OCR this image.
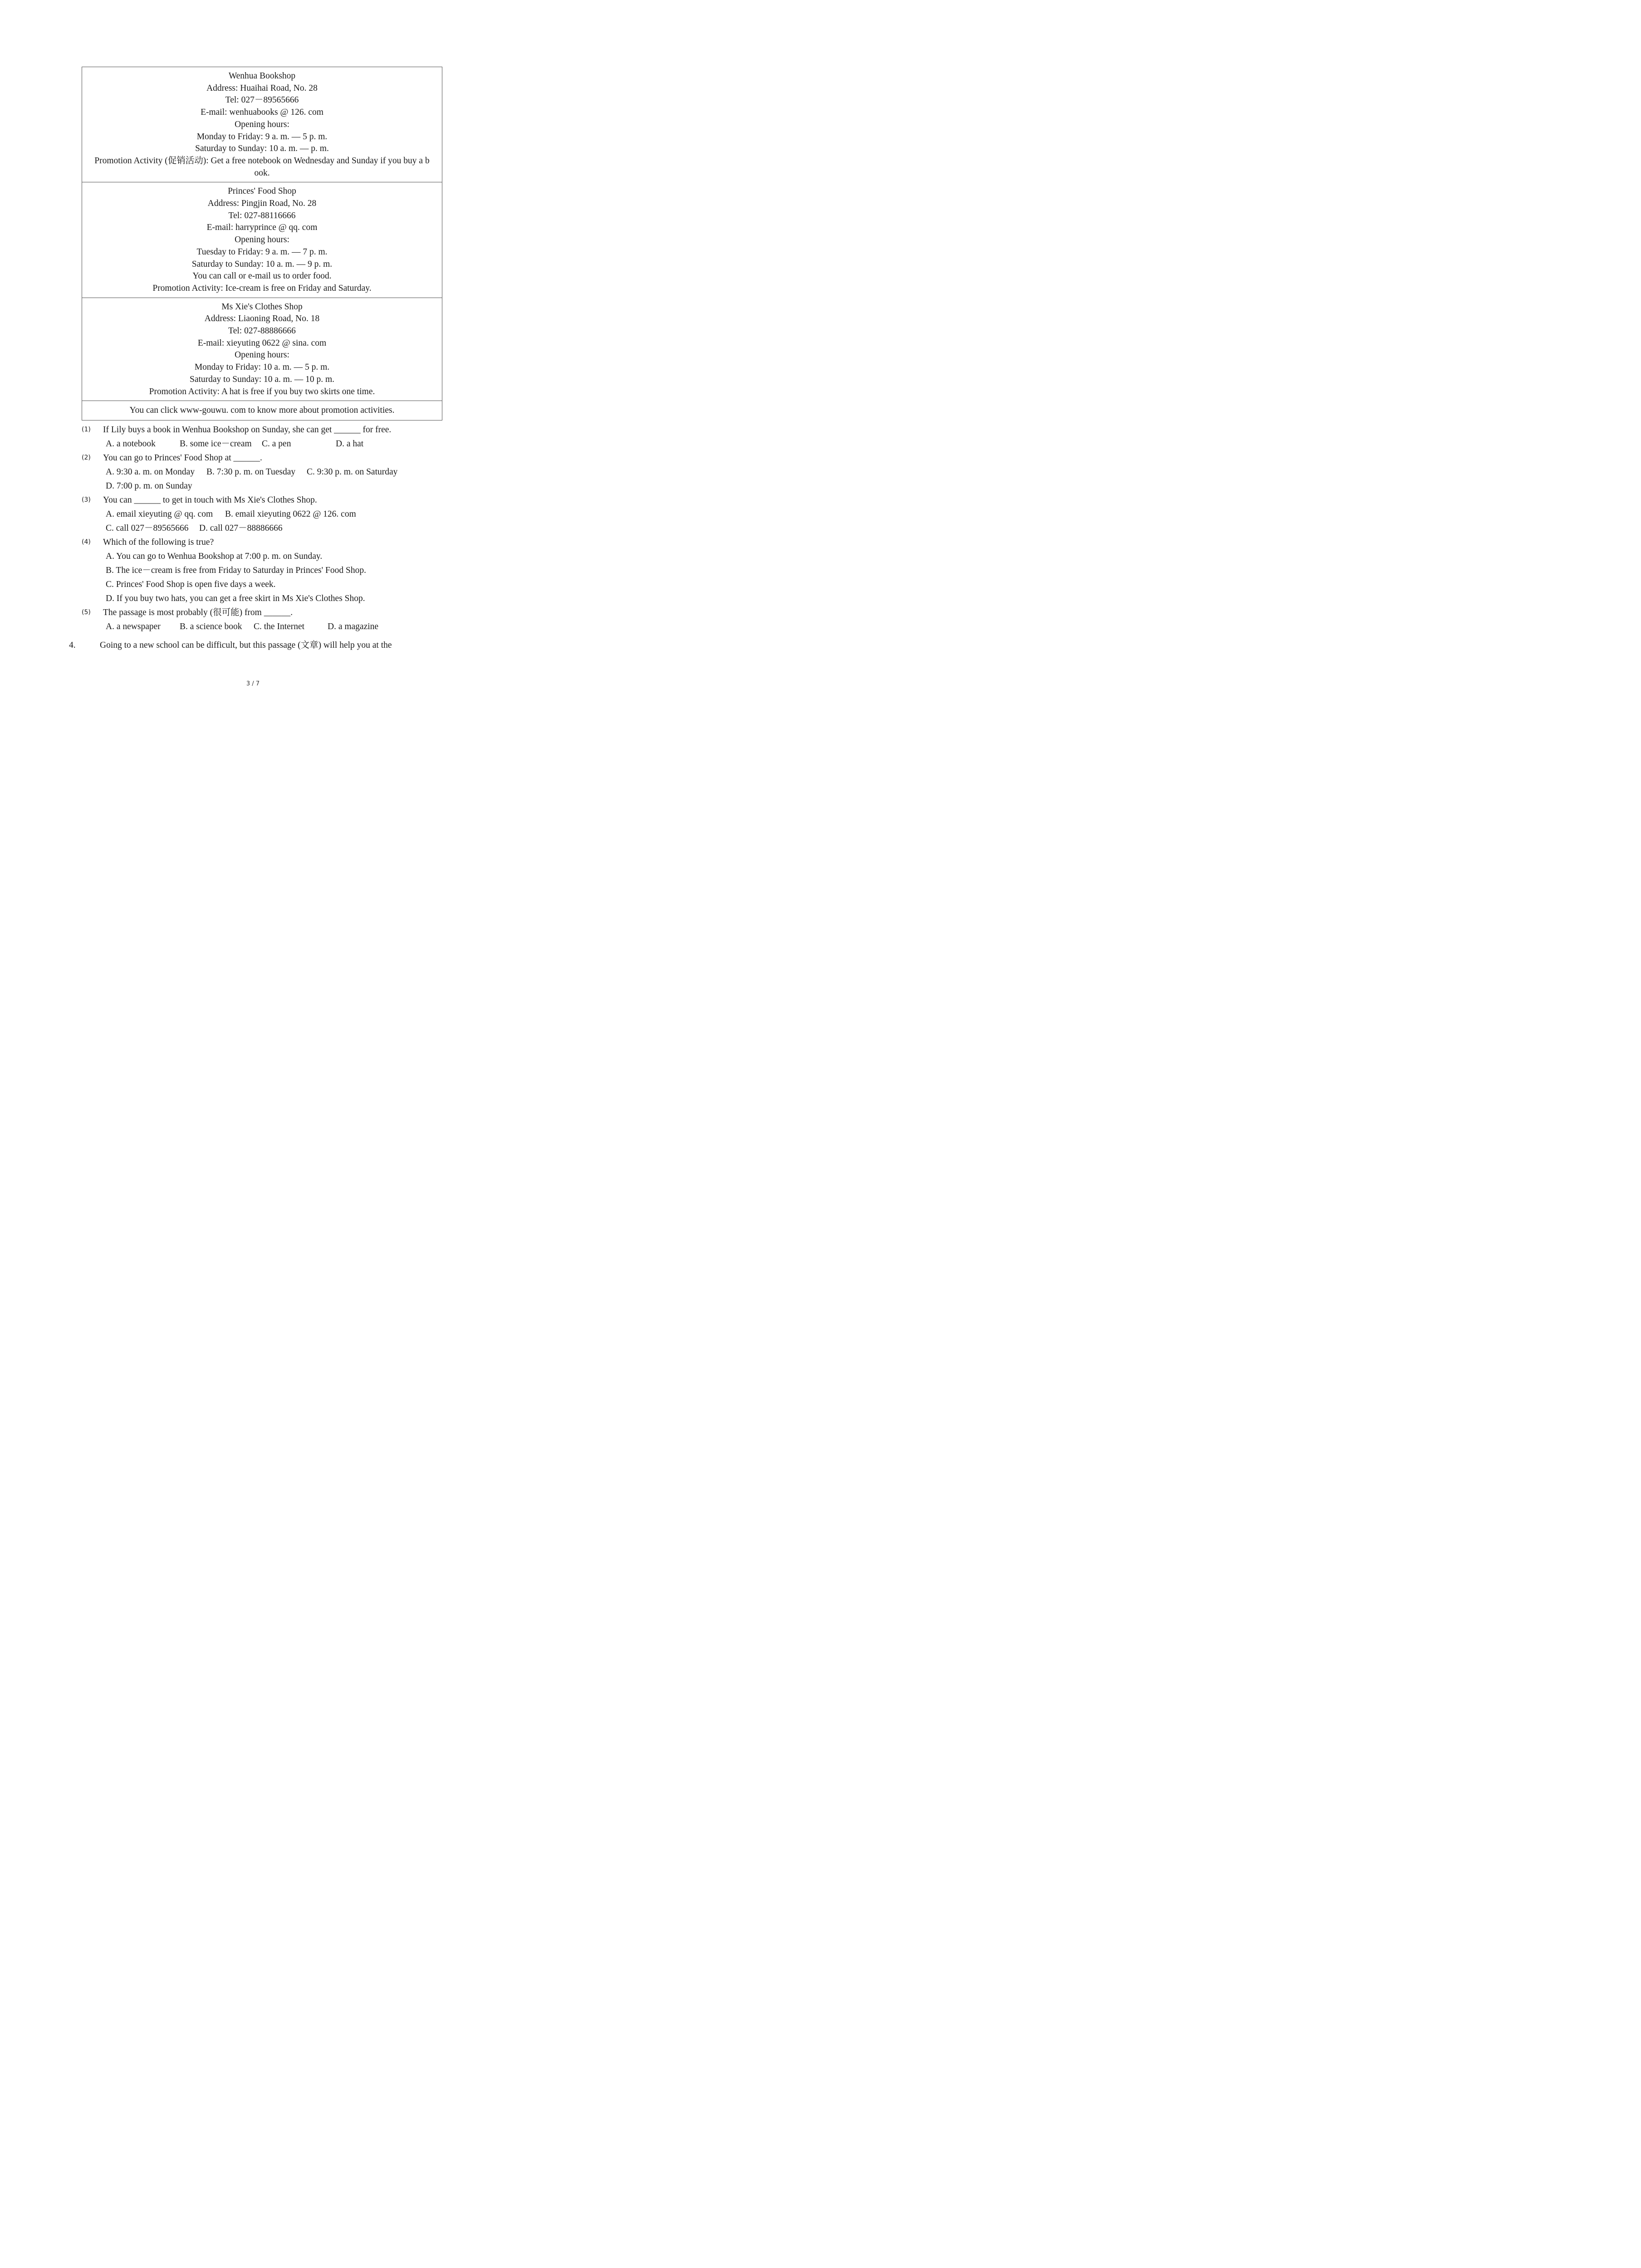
Wenhua Bookshop
Address: Huaihai Road, No. 28
Tel: 027－89565666
E-mail: wenhuabooks @ 126. com
Opening hours:
Monday to Friday: 9 a. m. — 5 p. m.
Saturday to Sunday: 10 a. m. — p. m.
Promotion Activity (促销活动): Get a free notebook on Wednesday and Sunday if you buy a b
ook.

Princes' Food Shop
Address: Pingjin Road, No. 28
Tel: 027-88116666
E-mail: harryprince @ qq. com
Opening hours:
Tuesday to Friday: 9 a. m. — 7 p. m.
Saturday to Sunday: 10 a. m. — 9 p. m.
You can call or e-mail us to order food.
Promotion Activity: Ice-cream is free on Friday and Saturday.

Ms Xie's Clothes Shop
Address: Liaoning Road, No. 18
Tel: 027-88886666
E-mail: xieyuting 0622 @ sina. com
Opening hours:
Monday to Friday: 10 a. m. — 5 p. m.
Saturday to Sunday: 10 a. m. — 10 p. m.
Promotion Activity: A hat is free if you buy two skirts one time.

You can click www-gouwu. com to know more about promotion activities.
(1) If Lily buys a book in Wenhua Bookshop on Sunday, she can get ______ for free.
A. a notebook	B. some ice－cream C. a pen	D. a hat
(2) You can go to Princes' Food Shop at ______.
A. 9:30 a. m. on Monday B. 7:30 p. m. on Tuesday C. 9:30 p. m. on Saturday
D. 7:00 p. m. on Sunday
(3) You can ______ to get in touch with Ms Xie's Clothes Shop.
A. email xieyuting @ qq. com B. email xieyuting 0622 @ 126. com
C. call 027－89565666 D. call 027－88886666
(4) Which of the following is true?
A. You can go to Wenhua Bookshop at 7:00 p. m. on Sunday.
B. The ice－cream is free from Friday to Saturday in Princes' Food Shop.
C. Princes' Food Shop is open five days a week.
D. If you buy two hats, you can get a free skirt in Ms Xie's Clothes Shop.
(5) The passage is most probably (很可能) from ______.
A. a newspaper B. a science book C. the Internet	D. a magazine
4.	Going to a new school can be difficult, but this passage (文章) will help you at the
3 / 7
